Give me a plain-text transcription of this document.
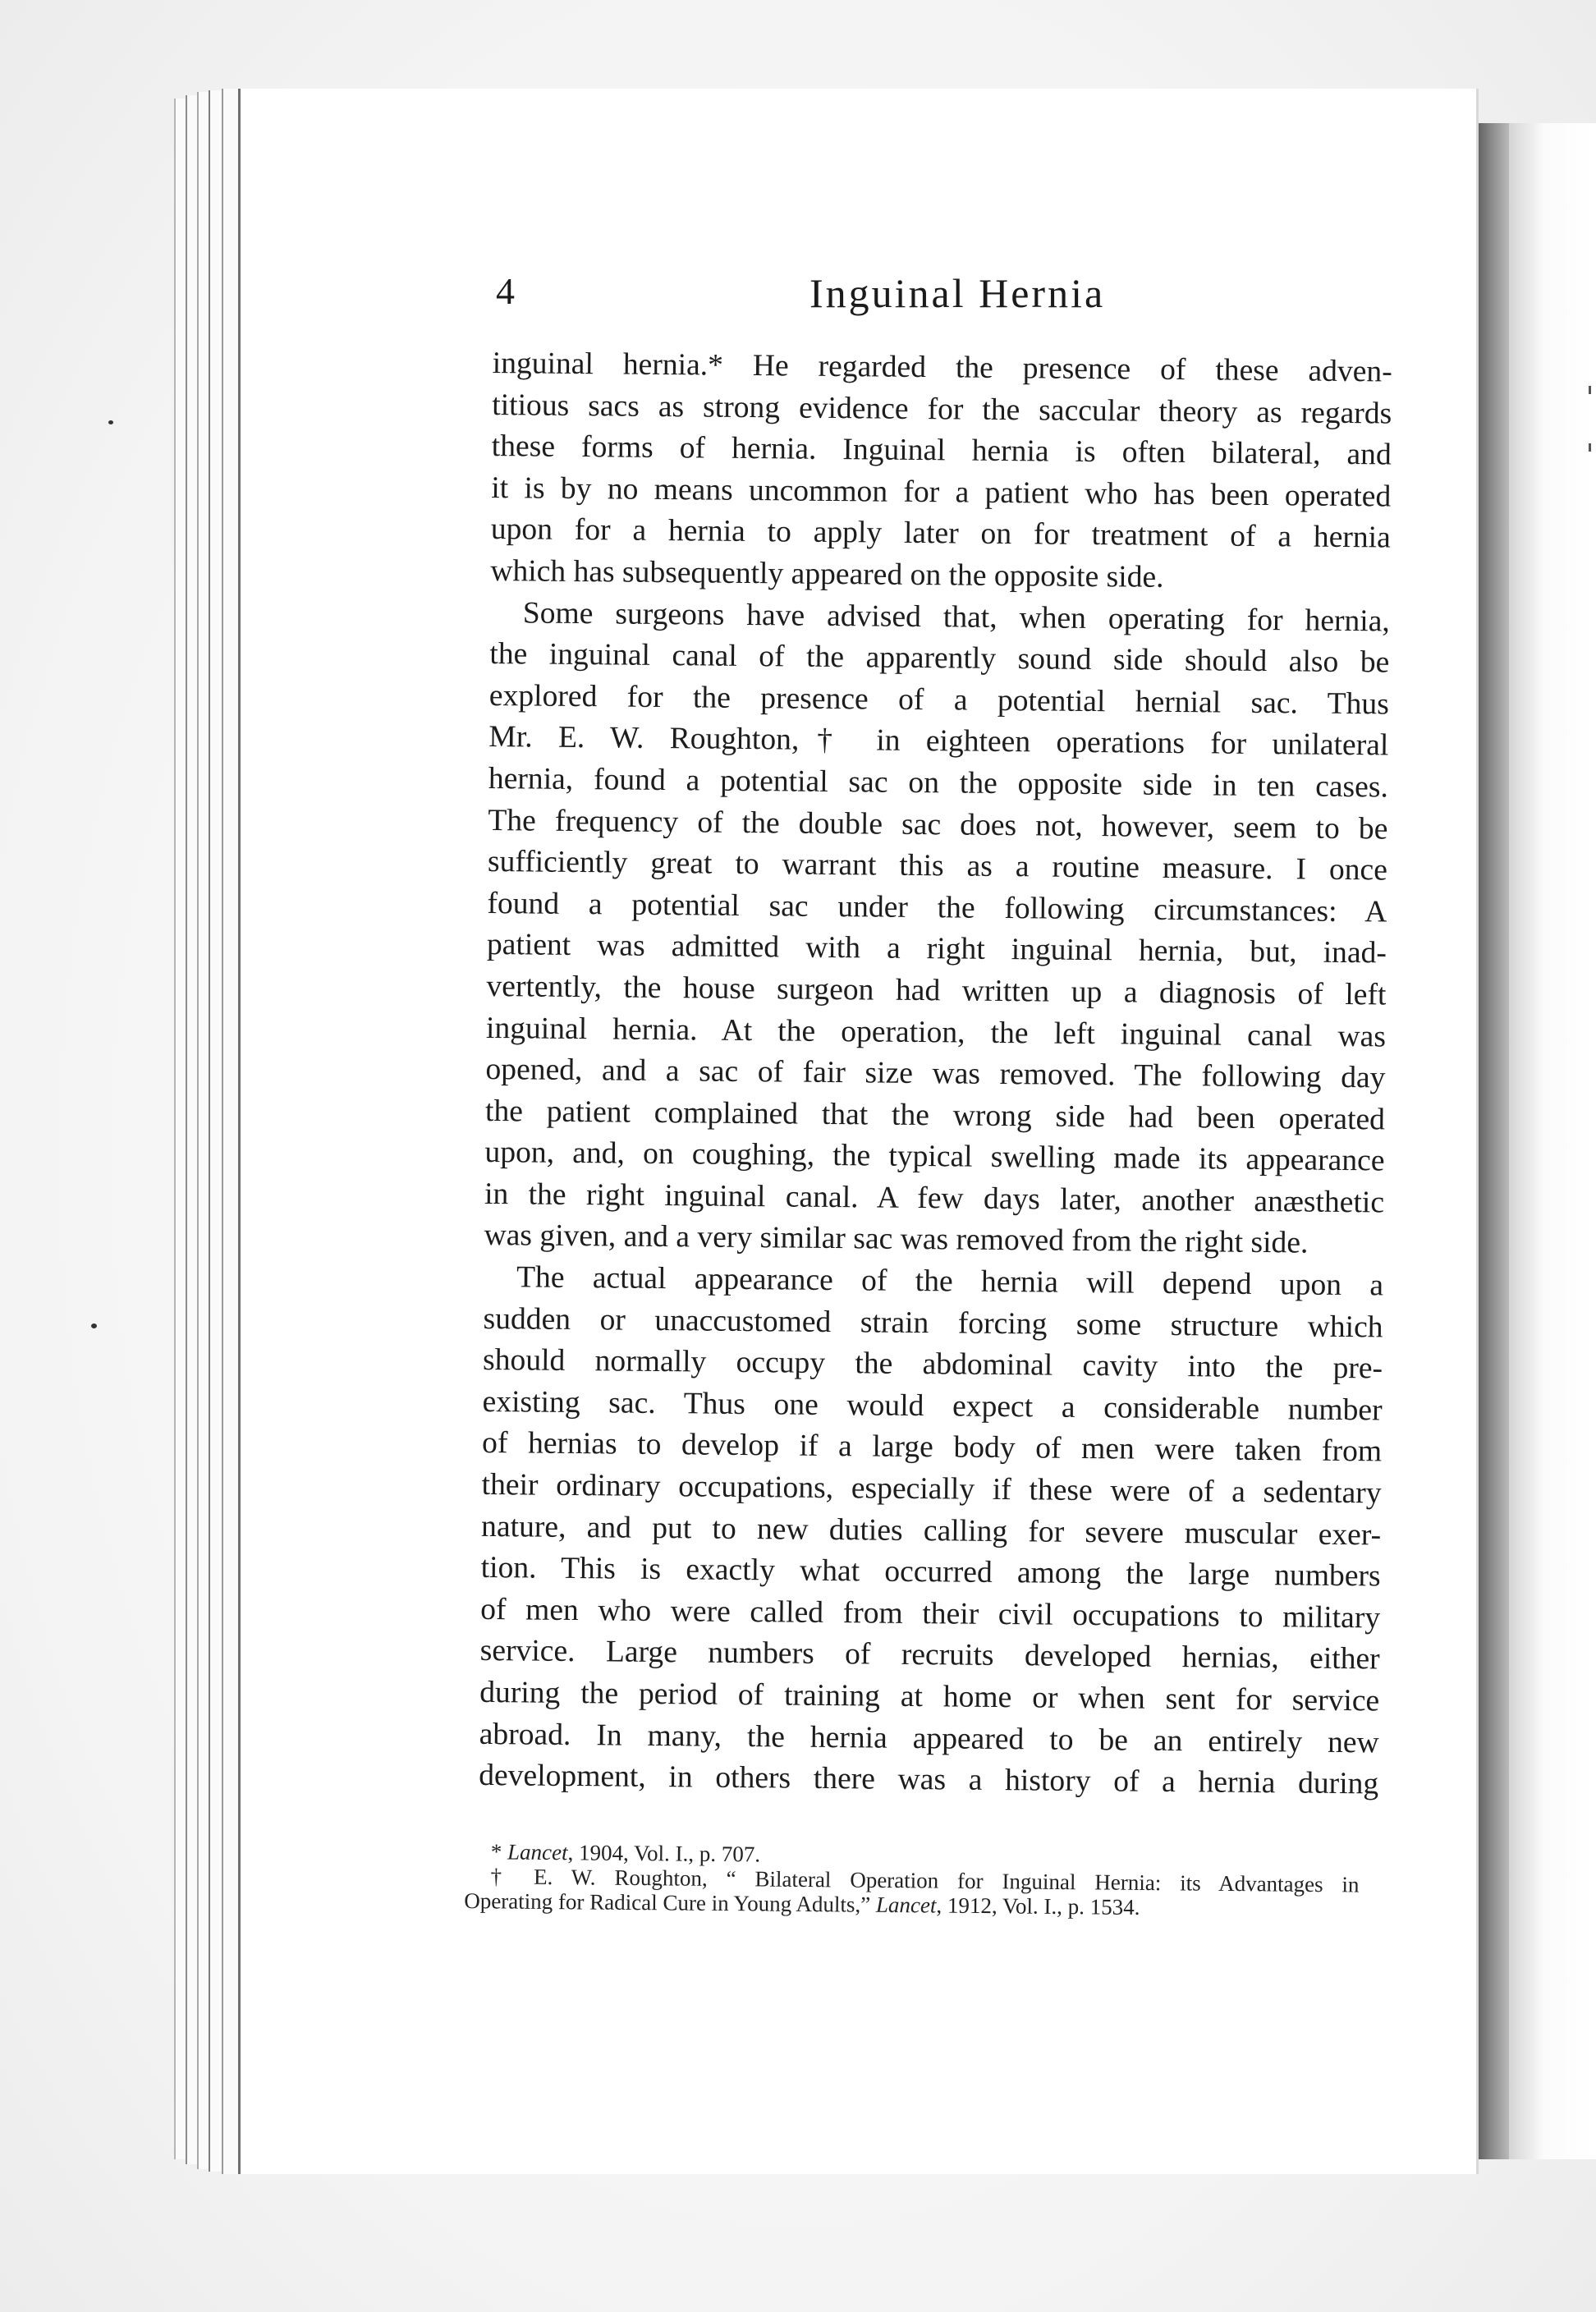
4	Inguinal Hernia
inguinal hernia.* He regarded the presence of these adven-
titious sacs as strong evidence for the saccular theory as regards
these forms of hernia. Inguinal hernia is often bilateral, and
it is by no means uncommon for a patient who has been operated
upon for a hernia to apply later on for treatment of a hernia
which has subsequently appeared on the opposite side.
Some surgeons have advised that, when operating for hernia,
the inguinal canal of the apparently sound side should also be
explored for the presence of a potential hernial sac. Thus
Mr. E. W. Roughton,† in eighteen operations for unilateral
hernia, found a potential sac on the opposite side in ten cases.
The frequency of the double sac does not, however, seem to be
sufficiently great to warrant this as a routine measure. I once
found a potential sac under the following circumstances: A
patient was admitted with a right inguinal hernia, but, inad-
vertently, the house surgeon had written up a diagnosis of left
inguinal hernia. At the operation, the left inguinal canal was
opened, and a sac of fair size was removed. The following day
the patient complained that the wrong side had been operated
upon, and, on coughing, the typical swelling made its appearance
in the right inguinal canal. A few days later, another anæsthetic
was given, and a very similar sac was removed from the right side.
The actual appearance of the hernia will depend upon a
sudden or unaccustomed strain forcing some structure which
should normally occupy the abdominal cavity into the pre-
existing sac. Thus one would expect a considerable number
of hernias to develop if a large body of men were taken from
their ordinary occupations, especially if these were of a sedentary
nature, and put to new duties calling for severe muscular exer-
tion. This is exactly what occurred among the large numbers
of men who were called from their civil occupations to military
service. Large numbers of recruits developed hernias, either
during the period of training at home or when sent for service
abroad. In many, the hernia appeared to be an entirely new
development, in others there was a history of a hernia during
* Lancet, 1904, Vol. I., p. 707.
† E. W. Roughton, “ Bilateral Operation for Inguinal Hernia: its Advantages in
Operating for Radical Cure in Young Adults,” Lancet, 1912, Vol. I., p. 1534.
